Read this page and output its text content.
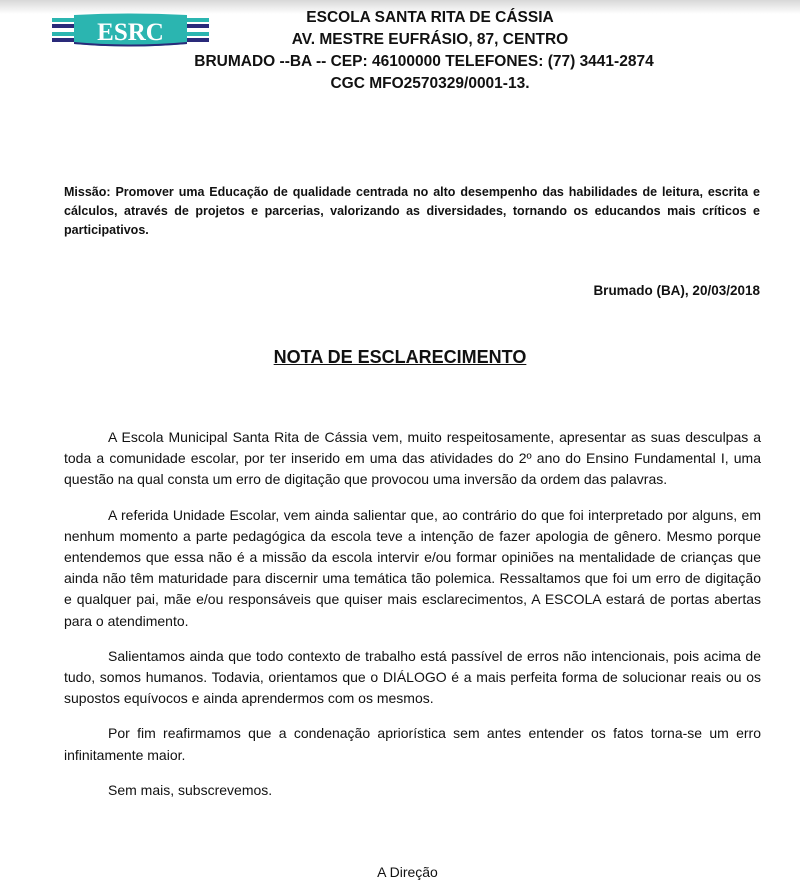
ESRC
ESCOLA SANTA RITA DE CÁSSIA
AV. MESTRE EUFRÁSIO, 87, CENTRO
BRUMADO --BA -- CEP: 46100000 TELEFONES: (77) 3441-2874
CGC MFO2570329/0001-13.
Missão: Promover uma Educação de qualidade centrada no alto desempenho das habilidades de leitura, escrita e cálculos, através de projetos e parcerias, valorizando as diversidades, tornando os educandos mais críticos e participativos.
Brumado (BA), 20/03/2018
NOTA DE ESCLARECIMENTO

A Escola Municipal Santa Rita de Cássia vem, muito respeitosamente, apresentar as suas desculpas a toda a comunidade escolar, por ter inserido em uma das atividades do 2º ano do Ensino Fundamental I, uma questão na qual consta um erro de digitação que provocou uma inversão da ordem das palavras.

A referida Unidade Escolar, vem ainda salientar que, ao contrário do que foi interpretado por alguns, em nenhum momento a parte pedagógica da escola teve a intenção de fazer apologia de gênero. Mesmo porque entendemos que essa não é a missão da escola intervir e/ou formar opiniões na mentalidade de crianças que ainda não têm maturidade para discernir uma temática tão polemica. Ressaltamos que foi um erro de digitação e qualquer pai, mãe e/ou responsáveis que quiser mais esclarecimentos, A ESCOLA estará de portas abertas para o atendimento.

Salientamos ainda que todo contexto de trabalho está passível de erros não intencionais, pois acima de tudo, somos humanos. Todavia, orientamos que o DIÁLOGO é a mais perfeita forma de solucionar reais ou os supostos equívocos e ainda aprendermos com os mesmos.

Por fim reafirmamos que a condenação apriorística sem antes entender os fatos torna-se um erro infinitamente maior.

Sem mais, subscrevemos.

A Direção
